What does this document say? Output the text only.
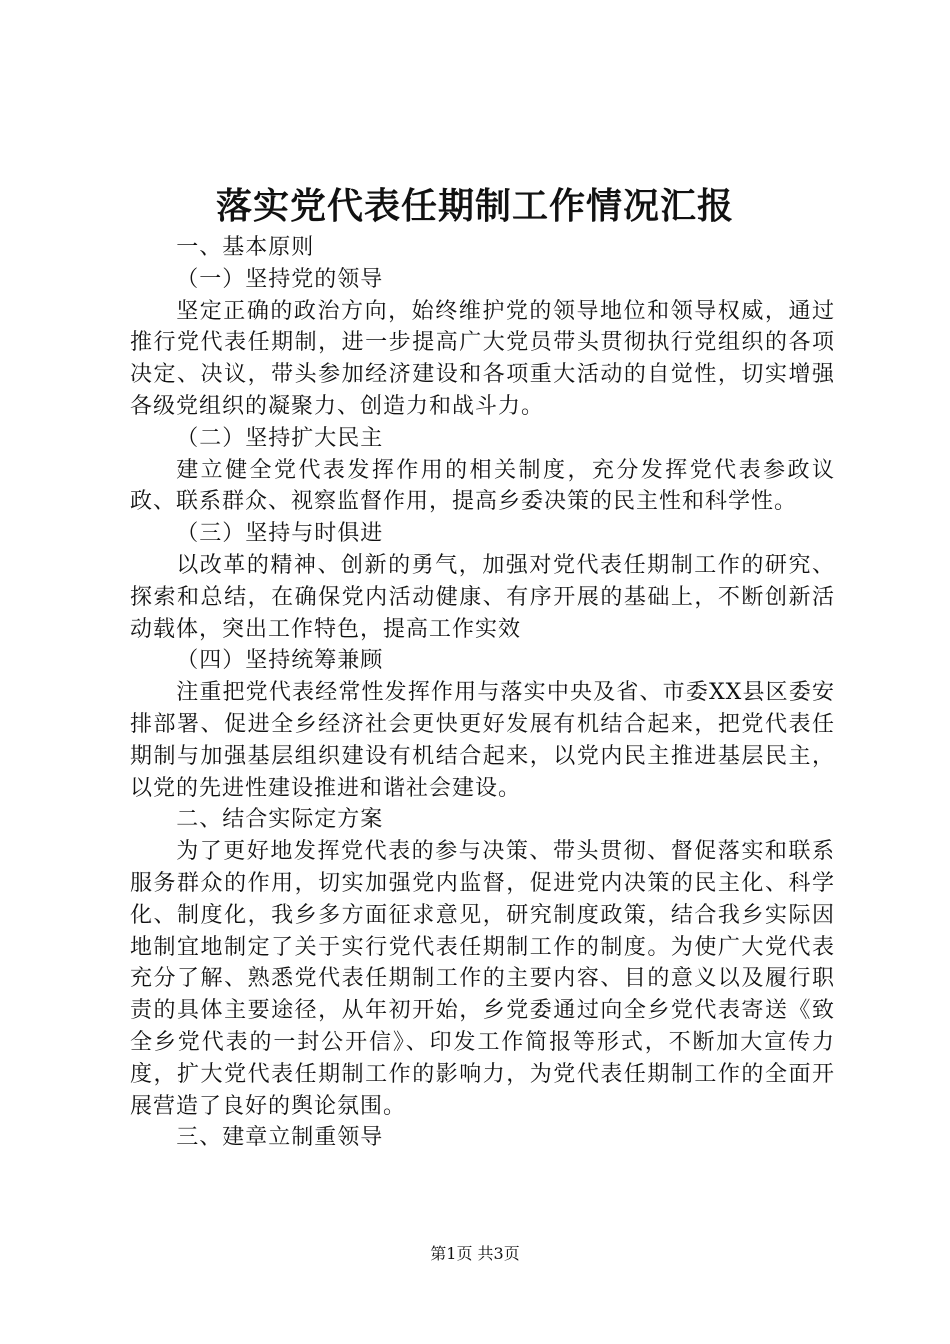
落实党代表任期制工作情况汇报

一、基本原则

（一）坚持党的领导

坚定正确的政治方向，始终维护党的领导地位和领导权威，通过推行党代表任期制，进一步提高广大党员带头贯彻执行党组织的各项决定、决议，带头参加经济建设和各项重大活动的自觉性，切实增强各级党组织的凝聚力、创造力和战斗力。

（二）坚持扩大民主

建立健全党代表发挥作用的相关制度，充分发挥党代表参政议政、联系群众、视察监督作用，提高乡委决策的民主性和科学性。

（三）坚持与时俱进

以改革的精神、创新的勇气，加强对党代表任期制工作的研究、探索和总结，在确保党内活动健康、有序开展的基础上，不断创新活动载体，突出工作特色，提高工作实效

（四）坚持统筹兼顾

注重把党代表经常性发挥作用与落实中央及省、市委XX县区委安排部署、促进全乡经济社会更快更好发展有机结合起来，把党代表任期制与加强基层组织建设有机结合起来，以党内民主推进基层民主，以党的先进性建设推进和谐社会建设。

二、结合实际定方案

为了更好地发挥党代表的参与决策、带头贯彻、督促落实和联系服务群众的作用，切实加强党内监督，促进党内决策的民主化、科学化、制度化，我乡多方面征求意见，研究制度政策，结合我乡实际因地制宜地制定了关于实行党代表任期制工作的制度。为使广大党代表充分了解、熟悉党代表任期制工作的主要内容、目的意义以及履行职责的具体主要途径，从年初开始，乡党委通过向全乡党代表寄送《致全乡党代表的一封公开信》、印发工作简报等形式，不断加大宣传力度，扩大党代表任期制工作的影响力，为党代表任期制工作的全面开展营造了良好的舆论氛围。

三、建章立制重领导

第1页 共3页
